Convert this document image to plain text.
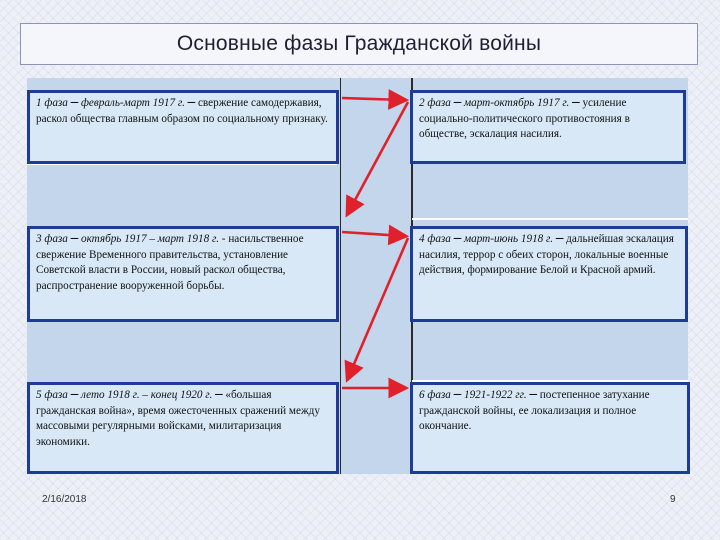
Основные фазы Гражданской войны
1 фаза – февраль-март 1917 г. – свержение самодержавия, раскол общества главным образом по социальному признаку.
2 фаза – март-октябрь 1917 г. – усиление социально-политического противостояния в обществе, эскалация насилия.
3 фаза – октябрь 1917 – март 1918 г. - насильственное свержение Временного правительства, установление Советской власти в России, новый раскол общества, распространение вооруженной борьбы.
4 фаза – март-июнь 1918 г. – дальнейшая эскалация насилия, террор с обеих сторон, локальные военные действия, формирование Белой и Красной армий.
5 фаза – лето 1918 г. – конец 1920 г. – «большая гражданская война», время ожесточенных сражений между массовыми регулярными войсками, милитаризация экономики.
6 фаза – 1921-1922 гг. – постепенное затухание гражданской войны, ее локализация и полное окончание.
2/16/2018	9
